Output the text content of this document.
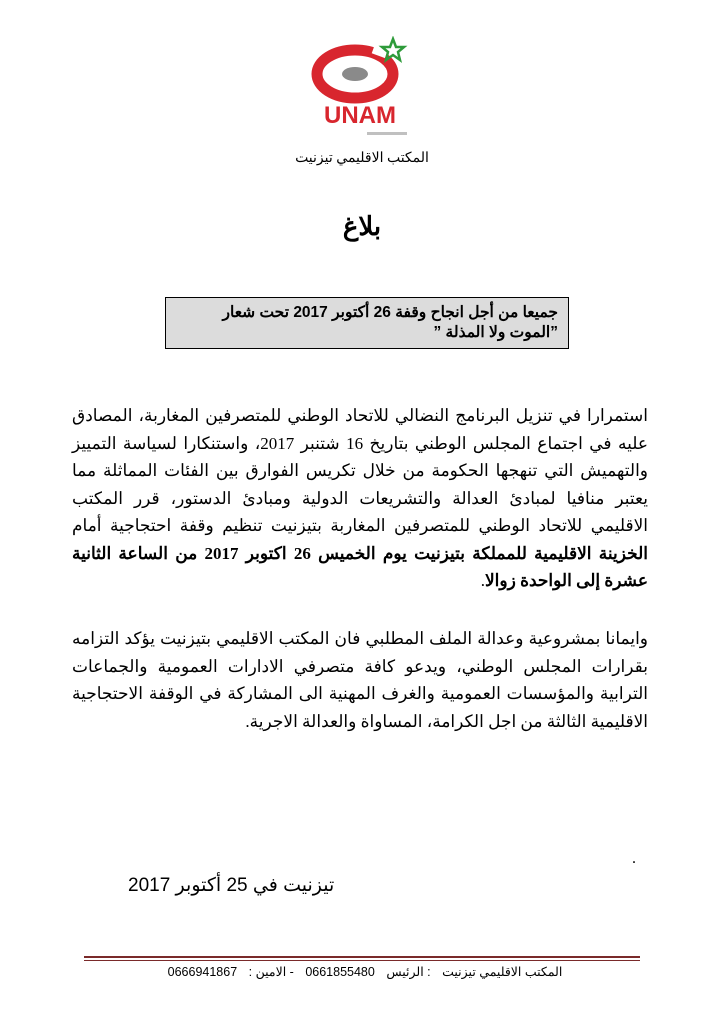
UNAM
المكتب الاقليمي تيزنيت
بلاغ
جميعا من أجل انجاح وقفة 26 أكتوبر 2017 تحت شعار
”الموت ولا المذلة ”
استمرارا في تنزيل البرنامج النضالي للاتحاد الوطني للمتصرفين المغاربة، المصادق عليه في اجتماع المجلس الوطني بتاريخ 16 شتنبر 2017، واستنكارا لسياسة التمييز والتهميش التي تنهجها الحكومة من خلال تكريس الفوارق بين الفئات المماثلة مما يعتبر منافيا لمبادئ العدالة والتشريعات الدولية ومبادئ الدستور، قرر المكتب الاقليمي للاتحاد الوطني للمتصرفين المغاربة بتيزنيت تنظيم وقفة احتجاجية أمام الخزينة الاقليمية للمملكة بتيزنيت يوم الخميس 26 اكتوبر 2017 من الساعة الثانية عشرة إلى الواحدة زوالا.
وايمانا بمشروعية وعدالة الملف المطلبي فان المكتب الاقليمي بتيزنيت يؤكد التزامه بقرارات المجلس الوطني، ويدعو كافة متصرفي الادارات العمومية والجماعات الترابية والمؤسسات العمومية والغرف المهنية الى المشاركة في الوقفة الاحتجاجية الاقليمية الثالثة من اجل الكرامة، المساواة والعدالة الاجرية.
.
تيزنيت في 25 أكتوبر 2017
المكتب الاقليمي تيزنيت : الرئيس 0661855480 - الامين : 0666941867
